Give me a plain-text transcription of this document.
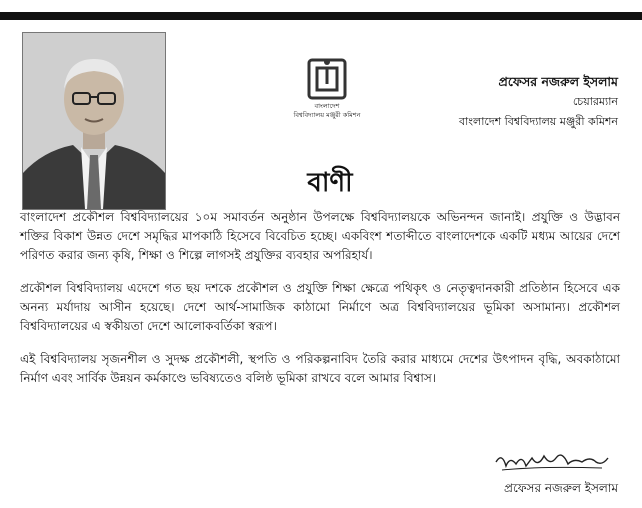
বাংলাদেশ
বিশ্ববিদ্যালয় মঞ্জুরী কমিশন
প্রফেসর নজরুল ইসলাম
চেয়ারম্যান
বাংলাদেশ বিশ্ববিদ্যালয় মঞ্জুরী কমিশন
বাণী

বাংলাদেশ প্রকৌশল বিশ্ববিদ্যালয়ের ১০ম সমাবর্তন অনুষ্ঠান উপলক্ষে বিশ্ববিদ্যালয়কে অভিনন্দন জানাই। প্রযুক্তি ও উদ্ভাবন শক্তির বিকাশ উন্নত দেশে সমৃদ্ধির মাপকাঠি হিসেবে বিবেচিত হচ্ছে। একবিংশ শতাব্দীতে বাংলাদেশকে একটি মধ্যম আয়ের দেশে পরিণত করার জন্য কৃষি, শিক্ষা ও শিল্পে লাগসই প্রযুক্তির ব্যবহার অপরিহার্য।

প্রকৌশল বিশ্ববিদ্যালয় এদেশে গত ছয় দশকে প্রকৌশল ও প্রযুক্তি শিক্ষা ক্ষেত্রে পথিকৃৎ ও নেতৃত্বদানকারী প্রতিষ্ঠান হিসেবে এক অনন্য মর্যাদায় আসীন হয়েছে। দেশে আর্থ-সামাজিক কাঠামো নির্মাণে অত্র বিশ্ববিদ্যালয়ের ভূমিকা অসামান্য। প্রকৌশল বিশ্ববিদ্যালয়ের এ স্বকীয়তা দেশে আলোকবর্তিকা স্বরূপ।

এই বিশ্ববিদ্যালয় সৃজনশীল ও সুদক্ষ প্রকৌশলী, স্থপতি ও পরিকল্পনাবিদ তৈরি করার মাধ্যমে দেশের উৎপাদন বৃদ্ধি, অবকাঠামো নির্মাণ এবং সার্বিক উন্নয়ন কর্মকাণ্ডে ভবিষ্যতেও বলিষ্ঠ ভূমিকা রাখবে বলে আমার বিশ্বাস।

প্রফেসর নজরুল ইসলাম
